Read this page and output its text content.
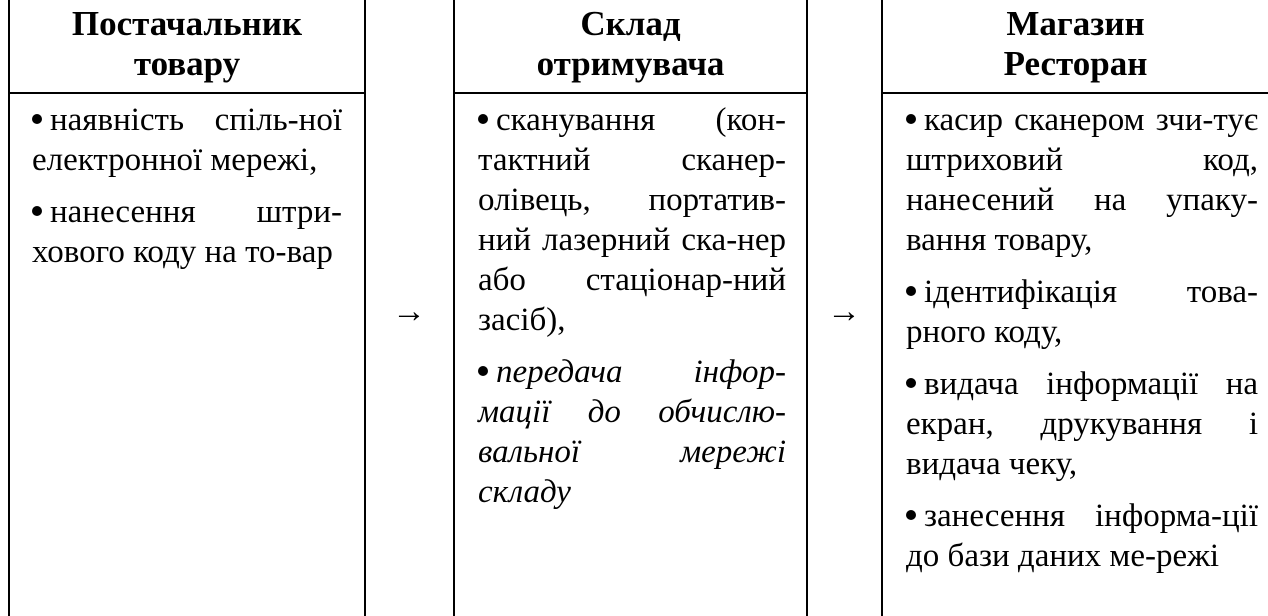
Постачальник
товару
наявність спіль-ної електронної мережі,
нанесення штри-хового коду на то-вар
→
Склад
отримувача
сканування (кон-тактний сканер-олівець, портатив-ний лазерний ска-нер або стаціонар-ний засіб),
передача інфор-мації до обчислю-вальної мережі складу
→
Магазин
Ресторан
касир сканером зчи-тує штриховий код, нанесений на упаку-вання товару,
ідентифікація това-рного коду,
видача інформації на екран, друкування і видача чеку,
занесення інформа-ції до бази даних ме-режі
